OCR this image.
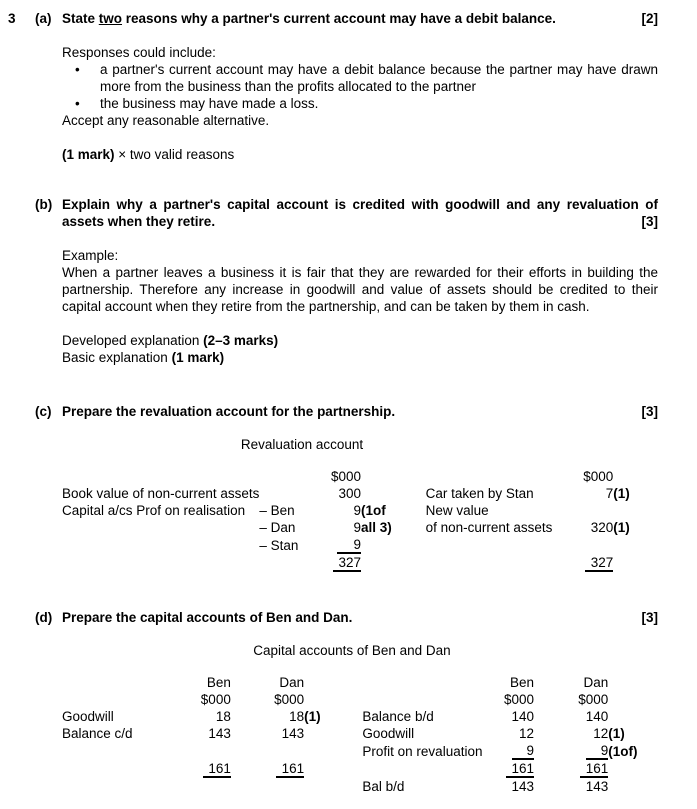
3	(a) State two reasons why a partner's current account may have a debit balance.	[2]
Responses could include:
•	a partner's current account may have a debit balance because the partner may have drawn more from the business than the profits allocated to the partner
•	the business may have made a loss.
Accept any reasonable alternative.
(1 mark) × two valid reasons
(b) Explain why a partner's capital account is credited with goodwill and any revaluation of assets when they retire.	[3]
Example:
When a partner leaves a business it is fair that they are rewarded for their efforts in building the partnership. Therefore any increase in goodwill and value of assets should be credited to their capital account when they retire from the partnership, and can be taken by them in cash.
Developed explanation (2–3 marks)
Basic explanation (1 mark)
(c) Prepare the revaluation account for the partnership.	[3]
Revaluation account
		$000			$000	
Book value of non-current assets		300		Car taken by Stan	7	(1)
Capital a/cs Prof on realisation	– Ben	9	(1of	New value		
	– Dan	9	all 3)	of non-current assets	320	(1)
	– Stan	9				
		327			327	
(d) Prepare the capital accounts of Ben and Dan.	[3]
Capital accounts of Ben and Dan
	Ben	Dan			Ben	Dan	
	$000	$000			$000	$000	
Goodwill	18	18	(1)	Balance b/d	140	140	
Balance c/d	143	143		Goodwill	12	12	(1)
				Profit on revaluation	9	9	(1of)
	161	161			161	161	
				Bal b/d	143	143	
